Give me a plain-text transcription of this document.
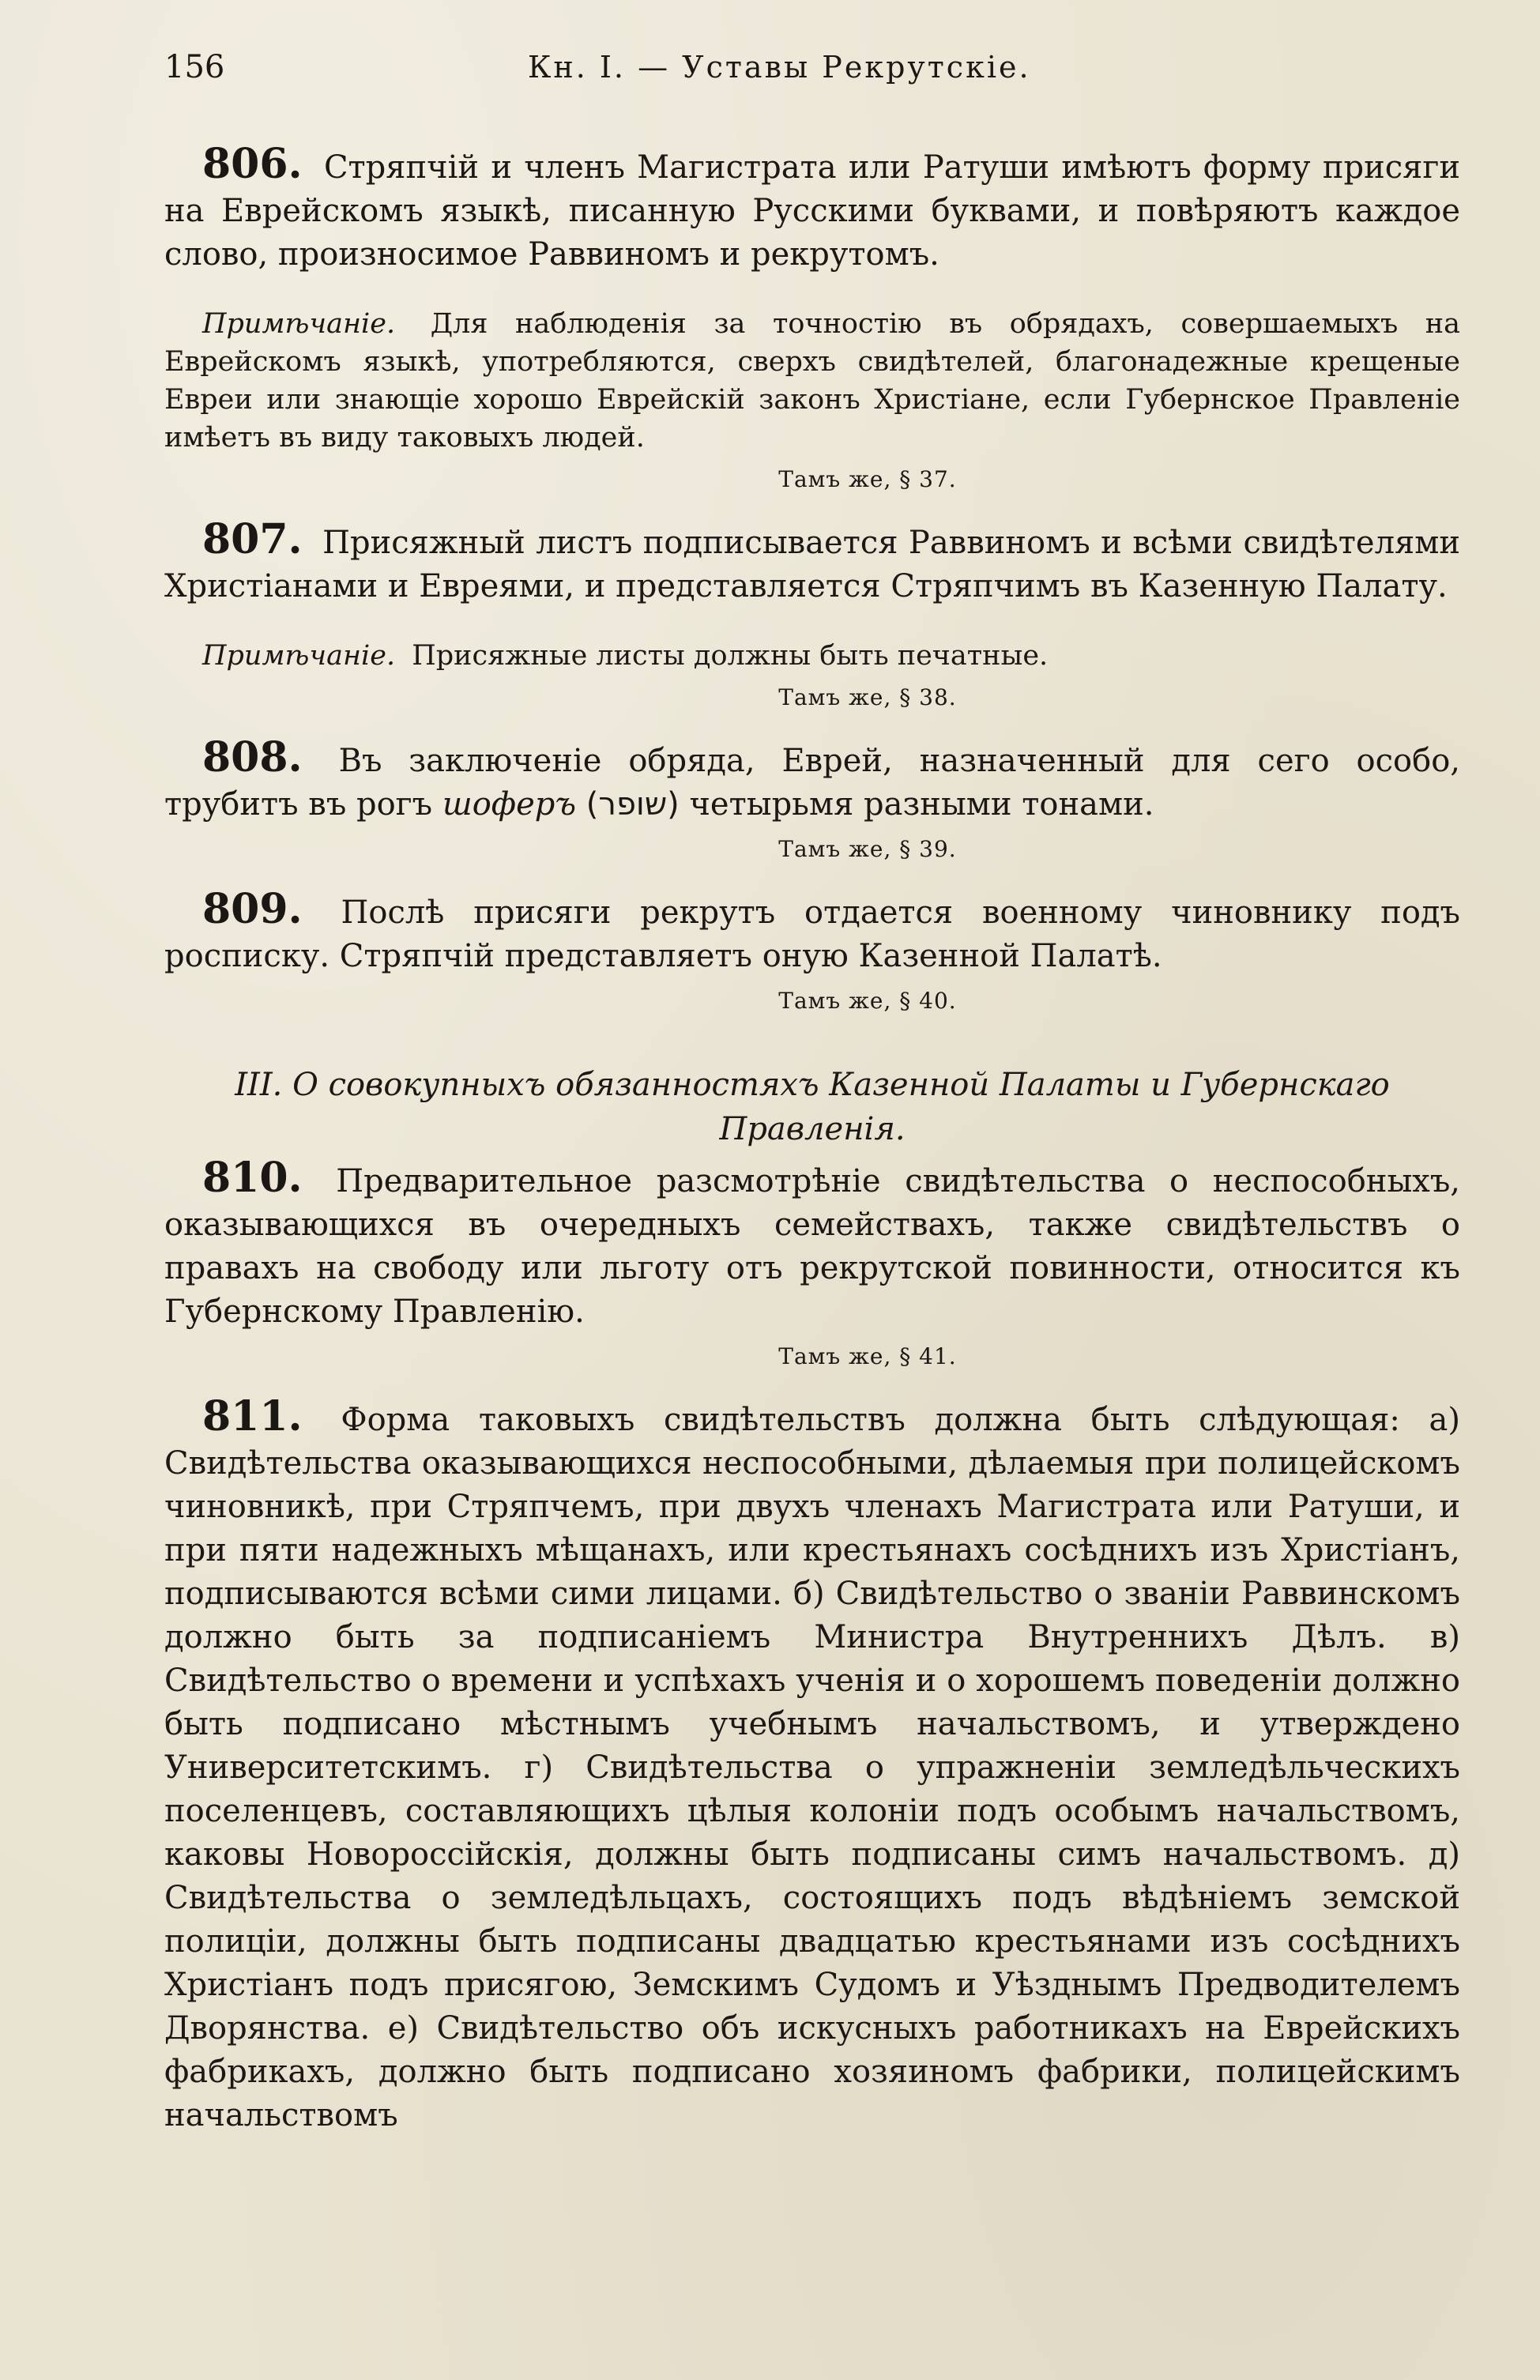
156	Кн. I. — Уставы Рекрутскіе.

806. Стряпчій и членъ Магистрата или Ратуши имѣютъ форму присяги на Еврейскомъ языкѣ, писанную Русскими буквами, и повѣряютъ каждое слово, произносимое Раввиномъ и рекрутомъ.

Примѣчаніе. Для наблюденія за точностію въ обрядахъ, совершаемыхъ на Еврейскомъ языкѣ, употребляются, сверхъ свидѣтелей, благонадежные крещеные Евреи или знающіе хорошо Еврейскій законъ Христіане, если Губернское Правленіе имѣетъ въ виду таковыхъ людей.

Тамъ же, § 37.

807. Присяжный листъ подписывается Раввиномъ и всѣми свидѣтелями Христіанами и Евреями, и представляется Стряпчимъ въ Казенную Палату.

Примѣчаніе. Присяжные листы должны быть печатные.

Тамъ же, § 38.

808. Въ заключеніе обряда, Еврей, назначенный для сего особо, трубитъ въ рогъ шоферъ (שופר) четырьмя разными тонами.

Тамъ же, § 39.

809. Послѣ присяги рекрутъ отдается военному чиновнику подъ росписку. Стряпчій представляетъ оную Казенной Палатѣ.

Тамъ же, § 40.

III. О совокупныхъ обязанностяхъ Казенной Палаты и Губернскаго Правленія.

810. Предварительное разсмотрѣніе свидѣтельства о неспособныхъ, оказывающихся въ очередныхъ семействахъ, также свидѣтельствъ о правахъ на свободу или льготу отъ рекрутской повинности, относится къ Губернскому Правленію.

Тамъ же, § 41.

811. Форма таковыхъ свидѣтельствъ должна быть слѣдующая: а) Свидѣтельства оказывающихся неспособными, дѣлаемыя при полицейскомъ чиновникѣ, при Стряпчемъ, при двухъ членахъ Магистрата или Ратуши, и при пяти надежныхъ мѣщанахъ, или крестьянахъ сосѣднихъ изъ Христіанъ, подписываются всѣми сими лицами. б) Свидѣтельство о званіи Раввинскомъ должно быть за подписаніемъ Министра Внутреннихъ Дѣлъ. в) Свидѣтельство о времени и успѣхахъ ученія и о хорошемъ поведеніи должно быть подписано мѣстнымъ учебнымъ начальствомъ, и утверждено Университетскимъ. г) Свидѣтельства о упражненіи земледѣльческихъ поселенцевъ, составляющихъ цѣлыя колоніи подъ особымъ начальствомъ, каковы Новороссійскія, должны быть подписаны симъ начальствомъ. д) Свидѣтельства о земледѣльцахъ, состоящихъ подъ вѣдѣніемъ земской полиціи, должны быть подписаны двадцатью крестьянами изъ сосѣднихъ Христіанъ подъ присягою, Земскимъ Судомъ и Уѣзднымъ Предводителемъ Дворянства. е) Свидѣтельство объ искусныхъ работникахъ на Еврейскихъ фабрикахъ, должно быть подписано хозяиномъ фабрики, полицейскимъ начальствомъ
